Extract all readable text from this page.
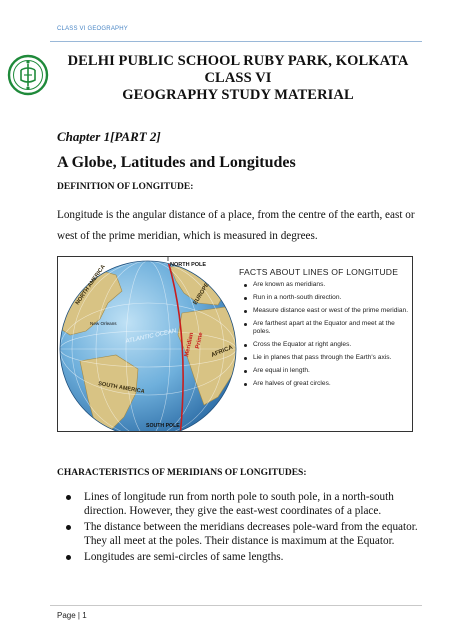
CLASS VI GEOGRAPHY
DELHI PUBLIC SCHOOL RUBY PARK, KOLKATA
CLASS VI
GEOGRAPHY STUDY MATERIAL
Chapter 1[PART 2]
A Globe, Latitudes and Longitudes
DEFINITION OF LONGITUDE:
Longitude is the angular distance of a place, from the centre of the earth, east or west of the prime meridian, which is measured in degrees.
NORTH POLE
NORTH AMERICA
New Orleans
EUROPE
ATLANTIC OCEAN Meridian Prime
AFRICA
SOUTH AMERICA
SOUTH POLE
FACTS ABOUT LINES OF LONGITUDE
Are known as meridians.
Run in a north-south direction.
Measure distance east or west of the prime meridian.
Are farthest apart at the Equator and meet at the poles.
Cross the Equator at right angles.
Lie in planes that pass through the Earth's axis.
Are equal in length.
Are halves of great circles.
CHARACTERISTICS OF MERIDIANS OF LONGITUDES:
Lines of longitude run from north pole to south pole, in a north-south direction. However, they give the east-west coordinates of a place.
The distance between the meridians decreases pole-ward from the equator. They all meet at the poles. Their distance is maximum at the Equator.
Longitudes are semi-circles of same lengths.
Page | 1
